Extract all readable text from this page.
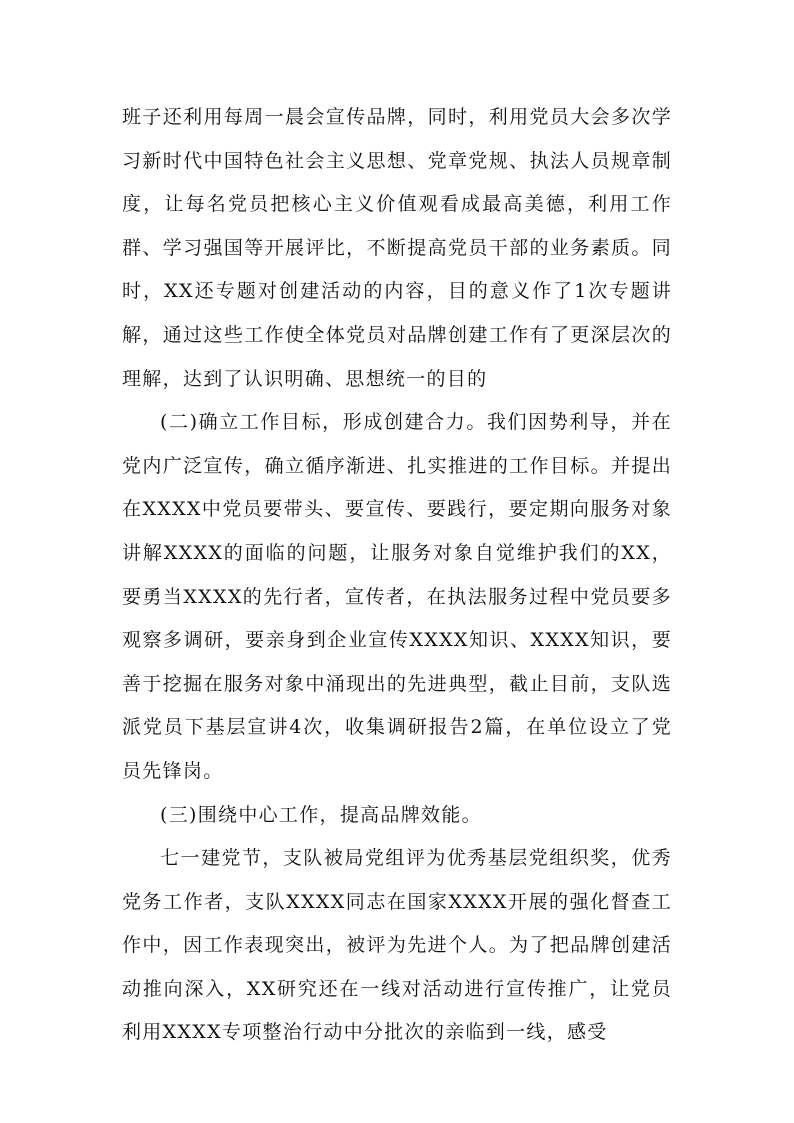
班子还利用每周一晨会宣传品牌，同时，利用党员大会多次学习新时代中国特色社会主义思想、党章党规、执法人员规章制度，让每名党员把核心主义价值观看成最高美德，利用工作群、学习强国等开展评比，不断提高党员干部的业务素质。同时，XX还专题对创建活动的内容，目的意义作了1次专题讲解，通过这些工作使全体党员对品牌创建工作有了更深层次的理解，达到了认识明确、思想统一的目的

(二)确立工作目标，形成创建合力。我们因势利导，并在党内广泛宣传，确立循序渐进、扎实推进的工作目标。并提出在XXXX中党员要带头、要宣传、要践行，要定期向服务对象讲解XXXX的面临的问题，让服务对象自觉维护我们的XX，要勇当XXXX的先行者，宣传者，在执法服务过程中党员要多观察多调研，要亲身到企业宣传XXXX知识、XXXX知识，要善于挖掘在服务对象中涌现出的先进典型，截止目前，支队选派党员下基层宣讲4次，收集调研报告2篇，在单位设立了党员先锋岗。

(三)围绕中心工作，提高品牌效能。

七一建党节，支队被局党组评为优秀基层党组织奖，优秀党务工作者，支队XXXX同志在国家XXXX开展的强化督查工作中，因工作表现突出，被评为先进个人。为了把品牌创建活动推向深入，XX研究还在一线对活动进行宣传推广，让党员利用XXXX专项整治行动中分批次的亲临到一线，感受
